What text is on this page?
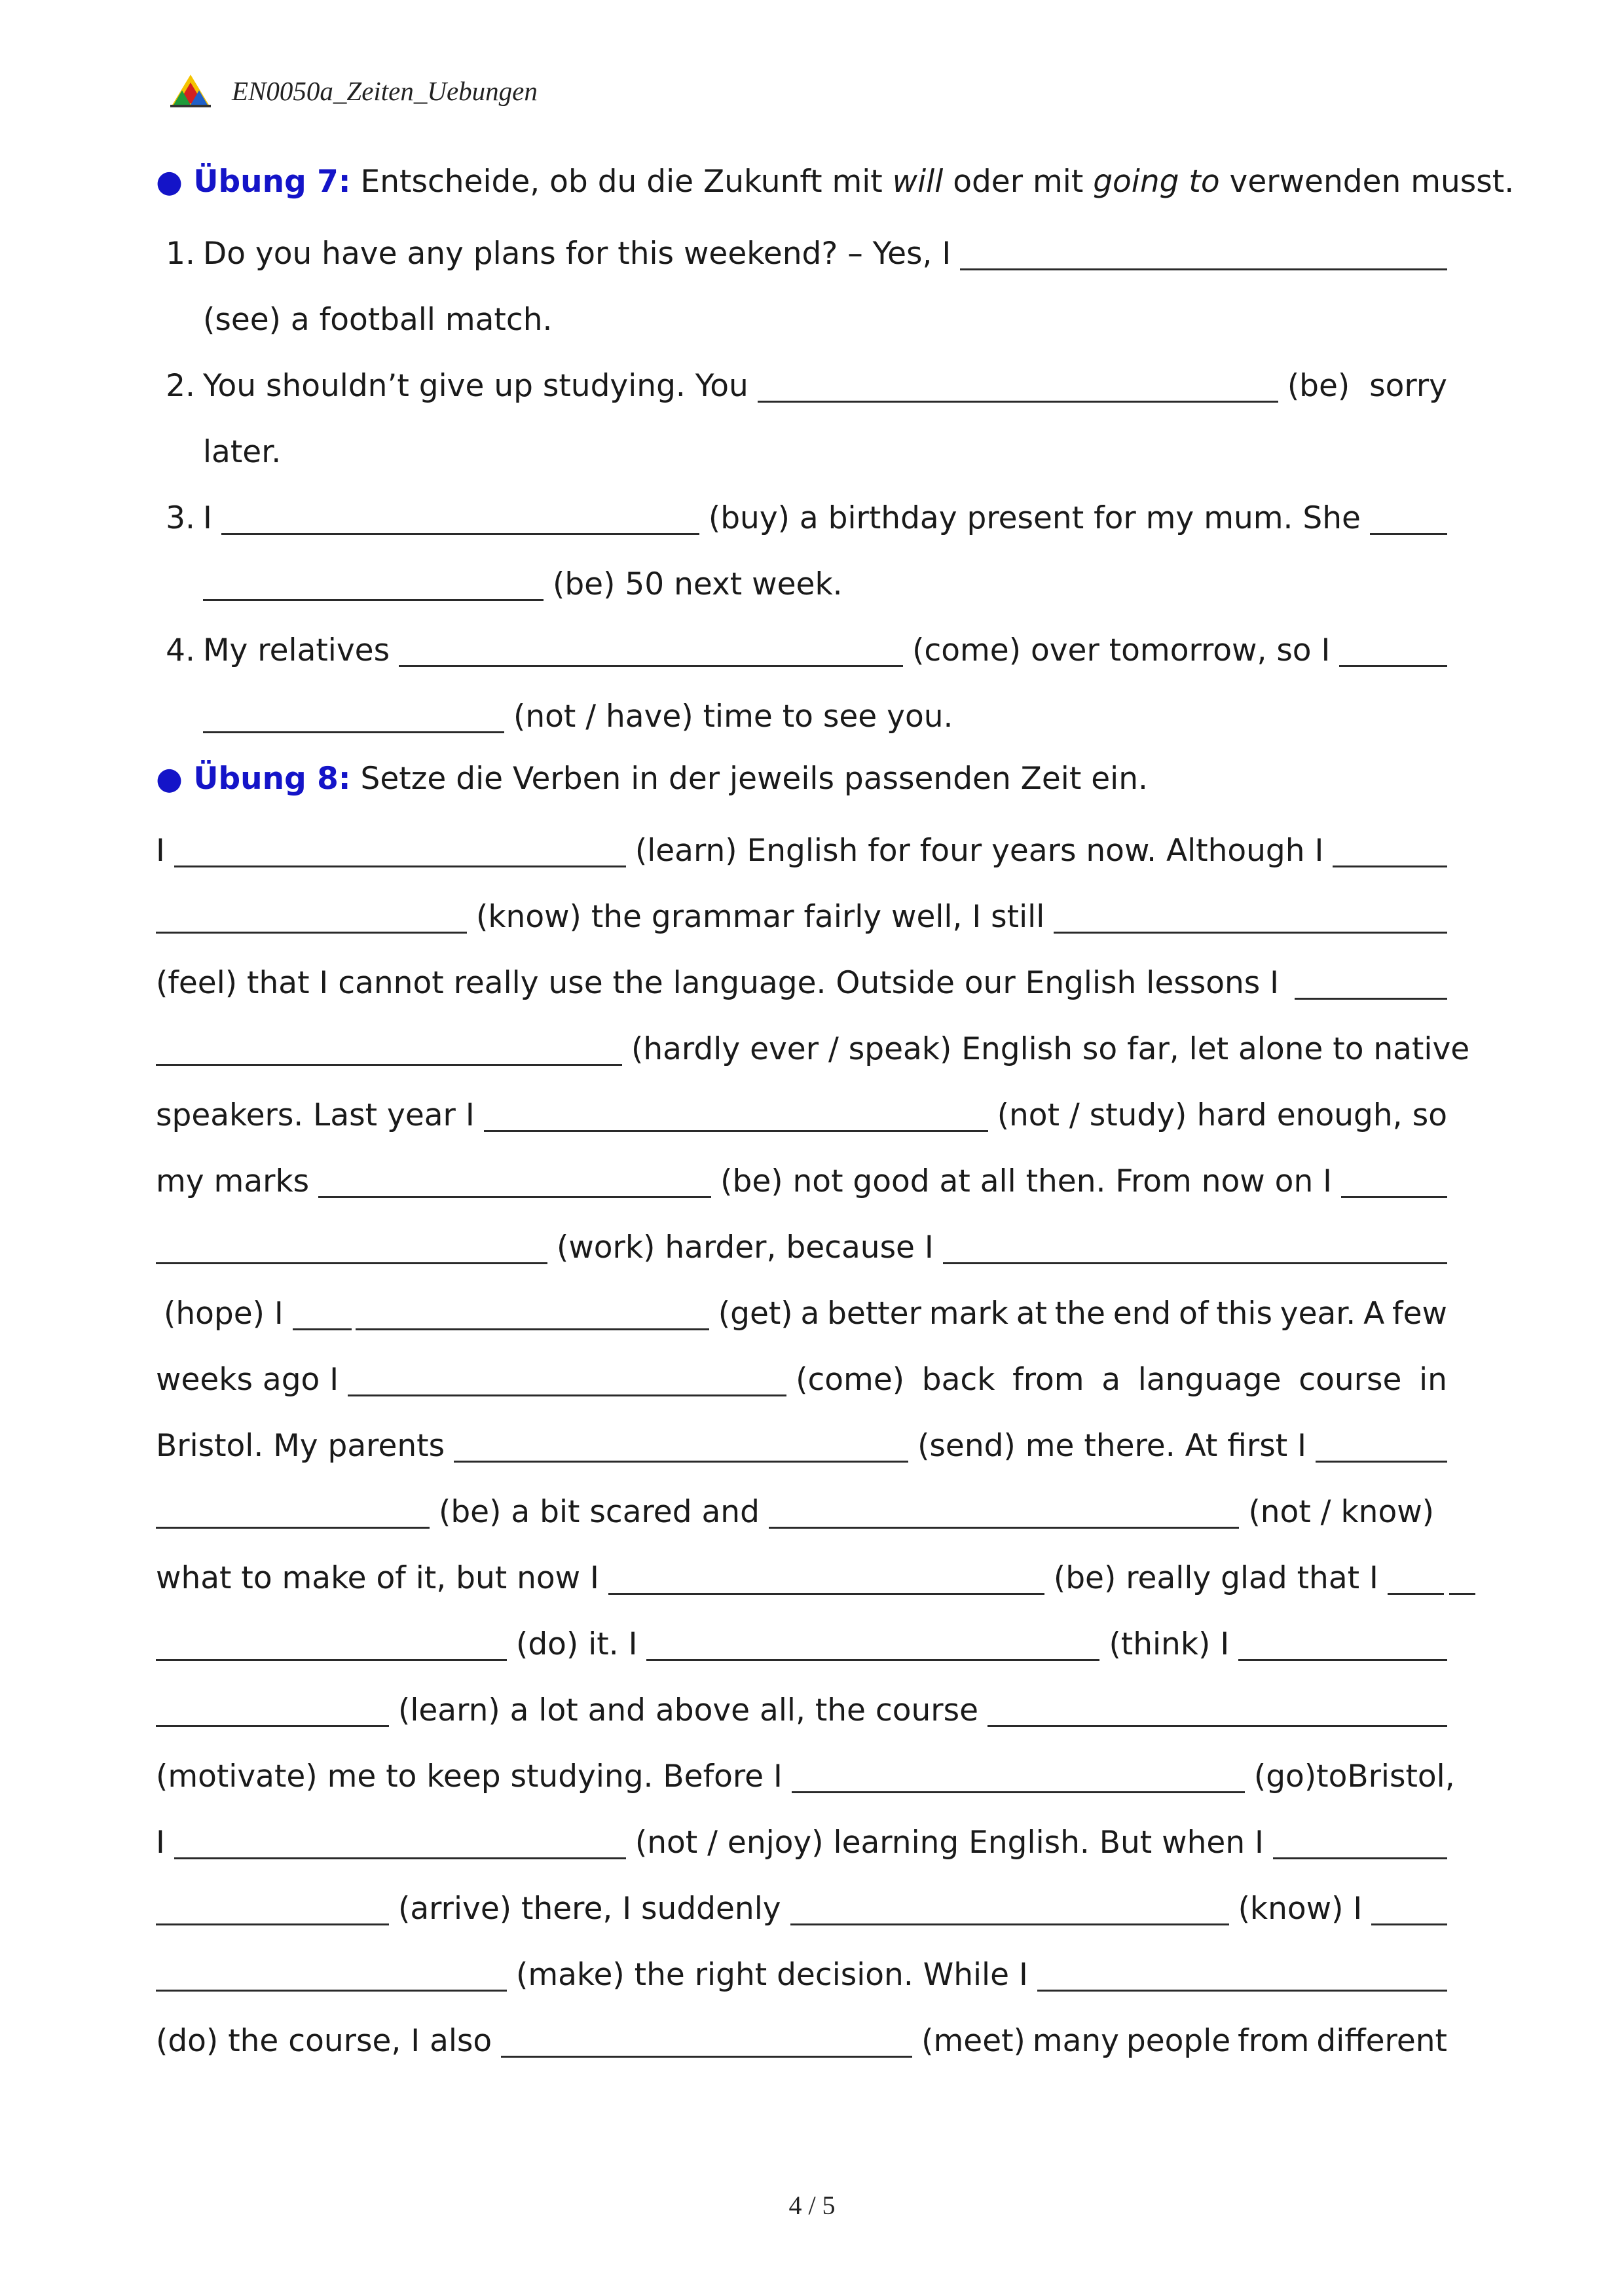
EN0050a_Zeiten_Uebungen
● Übung 7: Entscheide, ob du die Zukunft mit will oder mit going to verwenden musst.
1. Do you have any plans for this weekend? – Yes, I
(see) a football match.
2. You shouldn’t give up studying. You	(be)  sorry
later.
3. I	(buy) a birthday present for my mum. She
(be) 50 next week.
4. My relatives	(come) over tomorrow, so I
(not / have) time to see you.
● Übung 8: Setze die Verben in der jeweils passenden Zeit ein.
I	(learn) English for four years now. Although I
(know) the grammar fairly well, I still
(feel) that I cannot really use the language. Outside our English lessons I
(hardly ever / speak) English so far, let alone to native
speakers. Last year I	(not / study) hard enough, so
my marks	(be) not good at all then. From now on I
(work) harder, because I
(hope) I	(get) a better mark at the end of this year. A few
weeks ago I	(come) back from a language course in
Bristol. My parents	(send) me there. At first I
(be) a bit scared and	(not / know)
what to make of it, but now I	(be) really glad that I
(do) it. I	(think) I
(learn) a lot and above all, the course
(motivate) me to keep studying. Before I	(go) to Bristol,
I	(not / enjoy) learning English. But when I
(arrive) there, I suddenly	(know) I
(make) the right decision. While I
(do) the course, I also	(meet) many people from different
4 / 5
